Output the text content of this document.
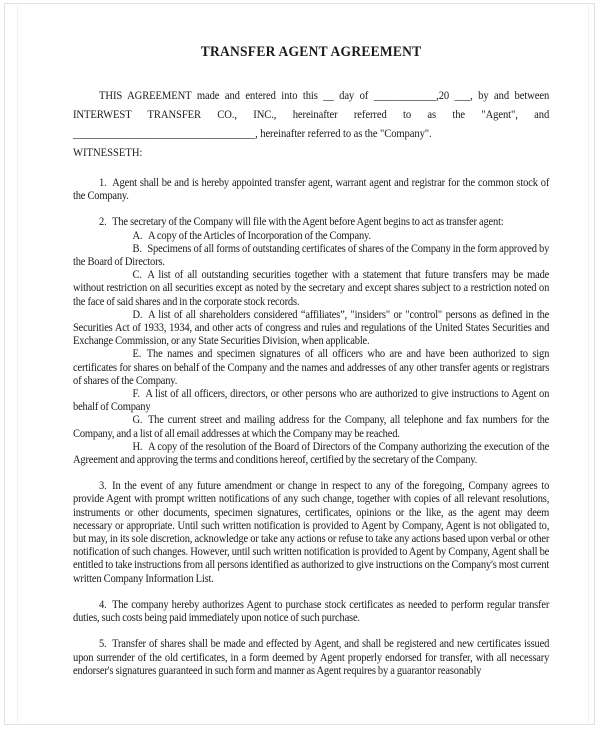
TRANSFER AGENT AGREEMENT
THIS AGREEMENT made and entered into this __ day of ____________,20 ___, by and between
INTERWEST TRANSFER CO., INC., hereinafter referred to as the "Agent", and
___________________________________, hereinafter referred to as the "Company".
WITNESSETH:

1. Agent shall be and is hereby appointed transfer agent, warrant agent and registrar for the common stock of the Company.

2. The secretary of the Company will file with the Agent before Agent begins to act as transfer agent:

A. A copy of the Articles of Incorporation of the Company.

B. Specimens of all forms of outstanding certificates of shares of the Company in the form approved by the Board of Directors.

C. A list of all outstanding securities together with a statement that future transfers may be made without restriction on all securities except as noted by the secretary and except shares subject to a restriction noted on the face of said shares and in the corporate stock records.

D. A list of all shareholders considered “affiliates”, "insiders" or "control" persons as defined in the Securities Act of 1933, 1934, and other acts of congress and rules and regulations of the United States Securities and Exchange Commission, or any State Securities Division, when applicable.

E. The names and specimen signatures of all officers who are and have been authorized to sign certificates for shares on behalf of the Company and the names and addresses of any other transfer agents or registrars of shares of the Company.

F. A list of all officers, directors, or other persons who are authorized to give instructions to Agent on behalf of Company

G. The current street and mailing address for the Company, all telephone and fax numbers for the Company, and a list of all email addresses at which the Company may be reached.

H. A copy of the resolution of the Board of Directors of the Company authorizing the execution of the Agreement and approving the terms and conditions hereof, certified by the secretary of the Company.

3. In the event of any future amendment or change in respect to any of the foregoing, Company agrees to provide Agent with prompt written notifications of any such change, together with copies of all relevant resolutions, instruments or other documents, specimen signatures, certificates, opinions or the like, as the agent may deem necessary or appropriate. Until such written notification is provided to Agent by Company, Agent is not obligated to, but may, in its sole discretion, acknowledge or take any actions or refuse to take any actions based upon verbal or other notification of such changes. However, until such written notification is provided to Agent by Company, Agent shall be entitled to take instructions from all persons identified as authorized to give instructions on the Company's most current written Company Information List.

4. The company hereby authorizes Agent to purchase stock certificates as needed to perform regular transfer duties, such costs being paid immediately upon notice of such purchase.

5. Transfer of shares shall be made and effected by Agent, and shall be registered and new certificates issued upon surrender of the old certificates, in a form deemed by Agent properly endorsed for transfer, with all necessary endorser's signatures guaranteed in such form and manner as Agent requires by a guarantor reasonably
